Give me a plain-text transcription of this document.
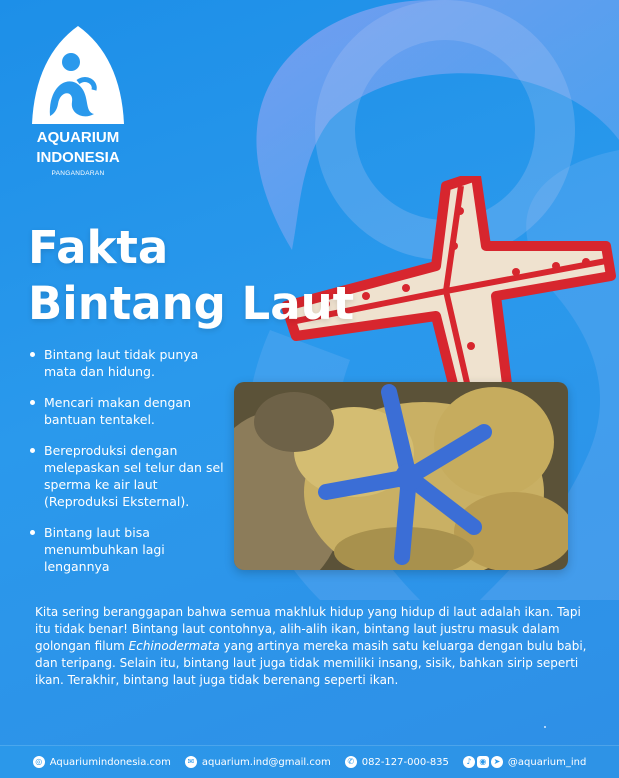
AQUARIUM INDONESIA
PANGANDARAN
Fakta
Bintang Laut
Bintang laut tidak punya mata dan hidung.
Mencari makan dengan bantuan tentakel.
Bereproduksi dengan melepaskan sel telur dan sel sperma ke air laut (Reproduksi Eksternal).
Bintang laut bisa menumbuhkan lagi lengannya

Kita sering beranggapan bahwa semua makhluk hidup yang hidup di laut adalah ikan. Tapi itu tidak benar! Bintang laut contohnya, alih-alih ikan, bintang laut justru masuk dalam golongan filum Echinodermata yang artinya mereka masih satu keluarga dengan bulu babi, dan teripang. Selain itu, bintang laut juga tidak memiliki insang, sisik, bahkan sirip seperti ikan. Terakhir, bintang laut juga tidak berenang seperti ikan.

◎ Aquariumindonesia.com	✉ aquarium.ind@gmail.com	✆ 082-127-000-835	♪ ◉ ➤ @aquarium_ind
